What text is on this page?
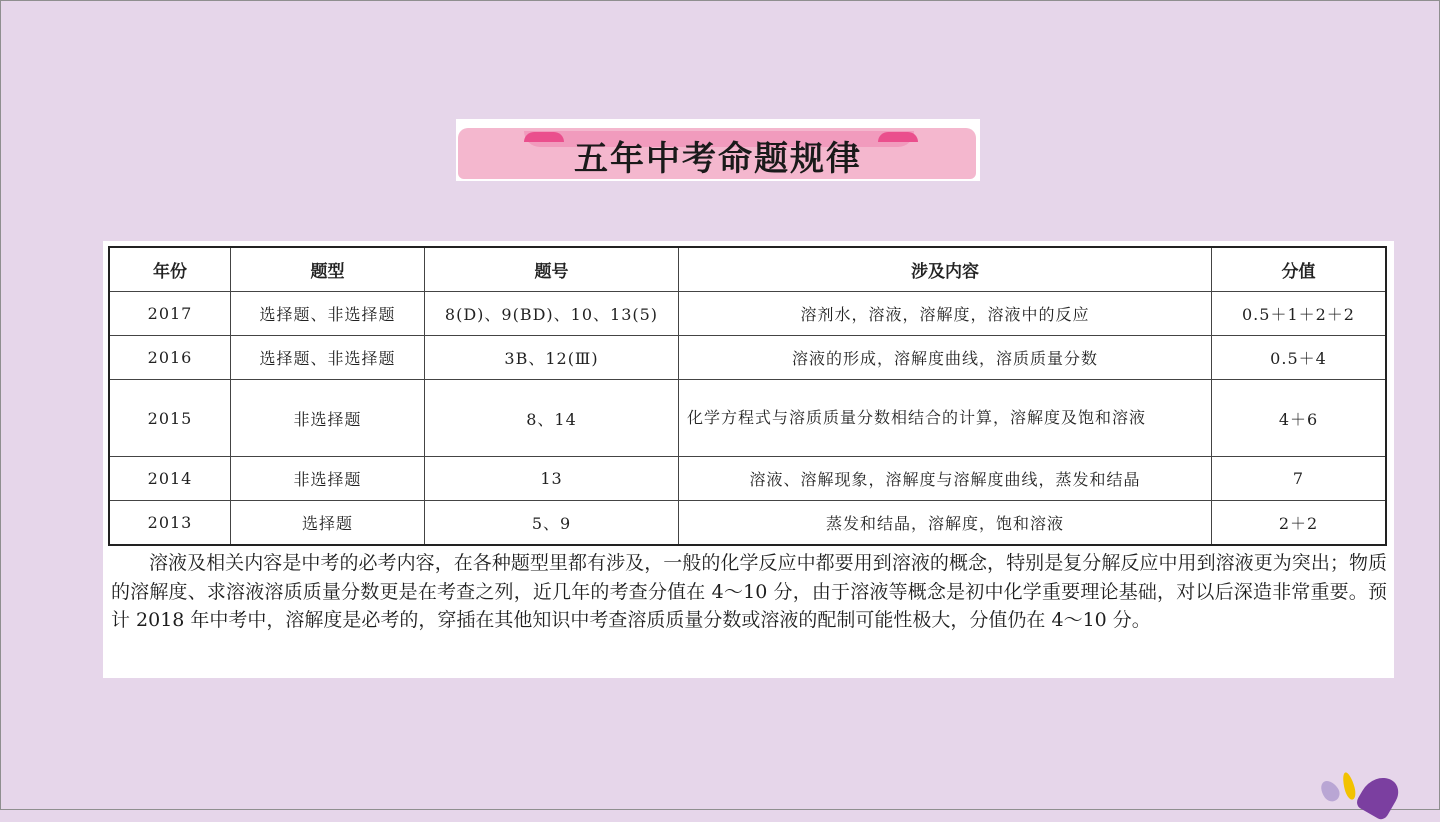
五年中考命题规律
年份	题型	题号	涉及内容	分值
2017	选择题、非选择题	8(D)、9(BD)、10、13(5)	溶剂水，溶液，溶解度，溶液中的反应	0.5＋1＋2＋2
2016	选择题、非选择题	3B、12(Ⅲ)	溶液的形成，溶解度曲线，溶质质量分数	0.5＋4
2015	非选择题	8、14	化学方程式与溶质质量分数相结合的计算，溶解度及饱和溶液	4＋6
2014	非选择题	13	溶液、溶解现象，溶解度与溶解度曲线，蒸发和结晶	7
2013	选择题	5、9	蒸发和结晶，溶解度，饱和溶液	2＋2
溶液及相关内容是中考的必考内容，在各种题型里都有涉及，一般的化学反应中都要用到溶液的概念，特别是复分解反应中用到溶液更为突出；物质的溶解度、求溶液溶质质量分数更是在考查之列，近几年的考查分值在 4～10 分，由于溶液等概念是初中化学重要理论基础，对以后深造非常重要。预计 2018 年中考中，溶解度是必考的，穿插在其他知识中考查溶质质量分数或溶液的配制可能性极大，分值仍在 4～10 分。
